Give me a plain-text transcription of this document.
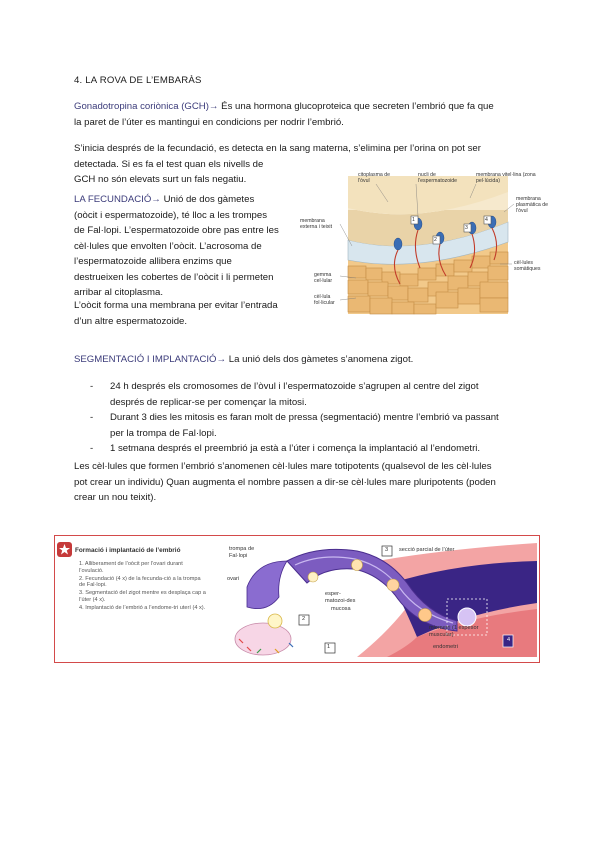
4. LA ROVA DE L’EMBARÀS

Gonadotropina coriònica (GCH)→ És una hormona glucoproteica que secreten l’embrió que fa que
la paret de l’úter es mantingui en condicions per nodrir l’embrió.

S’inicia després de la fecundació, es detecta en la sang materna, s’elimina per l’orina on pot ser
detectada. Si es fa el test quan els nivells de
GCH no són elevats surt un fals negatiu.

LA FECUNDACIÓ→ Unió de dos gàmetes
(oòcit i espermatozoide), té lloc a les trompes
de Fal·lopi. L’espermatozoide obre pas entre les
cèl·lules que envolten l’oòcit. L’acrosoma de
l’espermatozoide allibera enzims que
destrueixen les cobertes de l’oòcit i li permeten
arribar al citoplasma.

L’oòcit forma una membrana per evitar l’entrada
d’un altre espermatozoide.

citoplasma de l'òvul
nucli de l'espermatozoide
membrana vitel·lina (zona pel·lúcida)
membrana plasmàtica de l'òvul
membrana externa i teixit
gemma cel·lular
cèl·lula fol·licular
cèl·lules somàtiques
1
2
3
4

SEGMENTACIÓ I IMPLANTACIÓ→ La unió dels dos gàmetes s’anomena zigot.

- 24 h després els cromosomes de l’òvul i l’espermatozoide s’agrupen al centre del zigot
després de replicar-se per començar la mitosi.
- Durant 3 dies les mitosis es faran molt de pressa (segmentació) mentre l’embrió va passant
per la trompa de Fal·lopi.
- 1 setmana després el preembrió ja està a l’úter i comença la implantació al l’endometri.

Les cèl·lules que formen l’embrió s’anomenen cèl·lules mare totipotents (qualsevol de les cèl·lules
pot crear un individu) Quan augmenta el nombre passen a dir-se cèl·lules mare pluripotents (poden
crear un nou teixit).

Formació i implantació de l’embrió
1. Alliberament de l’oòcit per l’ovari durant l’ovulació.
2. Fecundació (4 x) de la fecunda-ció a la trompa de Fal·lopi.
3. Segmentació del zigot mentre es desplaça cap a l’úter (4 x).
4. Implantació de l’embrió a l’endome-tri uterí (4 x).
trompa de Fal·lopi
ovari
secció parcial de l’úter
esper-matozoi-des
mucosa
miometri (1 espesor muscular)
endometri
1
2
3
4
